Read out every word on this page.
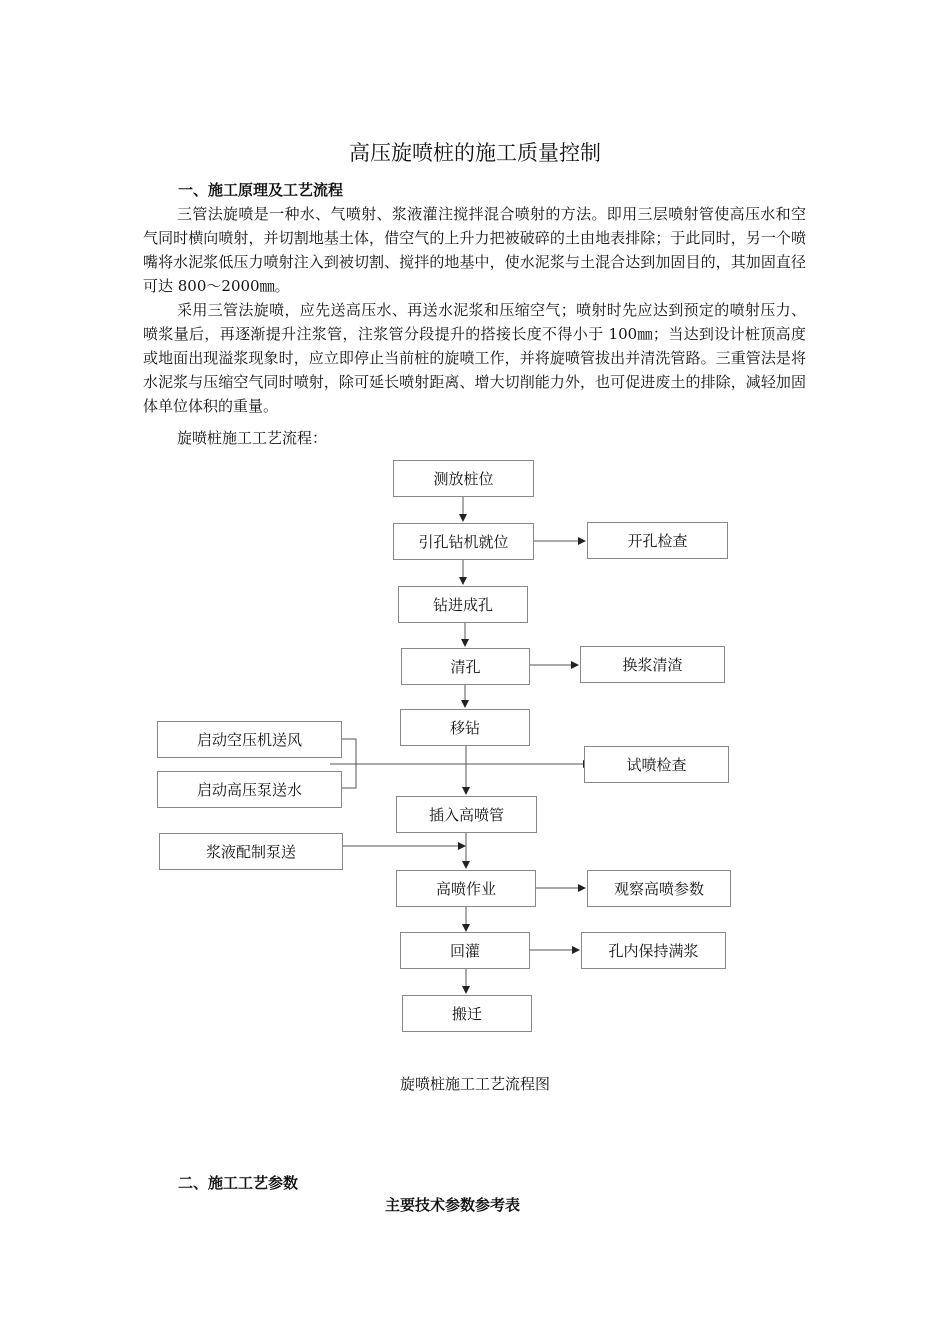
高压旋喷桩的施工质量控制
一、施工原理及工艺流程

三管法旋喷是一种水、气喷射、浆液灌注搅拌混合喷射的方法。即用三层喷射管使高压水和空气同时横向喷射，并切割地基土体，借空气的上升力把被破碎的土由地表排除；于此同时，另一个喷嘴将水泥浆低压力喷射注入到被切割、搅拌的地基中，使水泥浆与土混合达到加固目的，其加固直径可达 800～2000㎜。

采用三管法旋喷，应先送高压水、再送水泥浆和压缩空气；喷射时先应达到预定的喷射压力、喷浆量后，再逐渐提升注浆管，注浆管分段提升的搭接长度不得小于 100㎜；当达到设计桩顶高度或地面出现溢浆现象时，应立即停止当前桩的旋喷工作，并将旋喷管拔出并清洗管路。三重管法是将水泥浆与压缩空气同时喷射，除可延长喷射距离、增大切削能力外，也可促进废土的排除，减轻加固体单位体积的重量。

旋喷桩施工工艺流程：

测放桩位
引孔钻机就位
钻进成孔
清孔
移钻
插入高喷管
高喷作业
回灌
搬迁
开孔检查
换浆清渣
试喷检查
观察高喷参数
孔内保持满浆
启动空压机送风
启动高压泵送水
浆液配制泵送
旋喷桩施工工艺流程图
二、施工工艺参数
主要技术参数参考表
